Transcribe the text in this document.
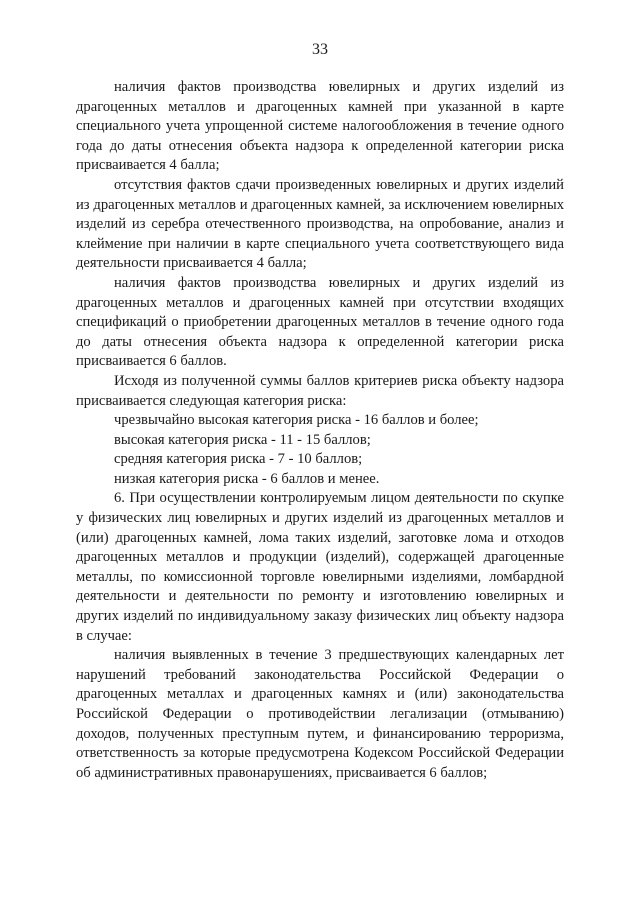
33

наличия фактов производства ювелирных и других изделий из драгоценных металлов и драгоценных камней при указанной в карте специального учета упрощенной системе налогообложения в течение одного года до даты отнесения объекта надзора к определенной категории риска присваивается 4 балла;

отсутствия фактов сдачи произведенных ювелирных и других изделий из драгоценных металлов и драгоценных камней, за исключением ювелирных изделий из серебра отечественного производства, на опробование, анализ и клеймение при наличии в карте специального учета соответствующего вида деятельности присваивается 4 балла;

наличия фактов производства ювелирных и других изделий из драгоценных металлов и драгоценных камней при отсутствии входящих спецификаций о приобретении драгоценных металлов в течение одного года до даты отнесения объекта надзора к определенной категории риска присваивается 6 баллов.

Исходя из полученной суммы баллов критериев риска объекту надзора присваивается следующая категория риска:

чрезвычайно высокая категория риска - 16 баллов и более;

высокая категория риска - 11 - 15 баллов;

средняя категория риска - 7 - 10 баллов;

низкая категория риска - 6 баллов и менее.

6. При осуществлении контролируемым лицом деятельности по скупке у физических лиц ювелирных и других изделий из драгоценных металлов и (или) драгоценных камней, лома таких изделий, заготовке лома и отходов драгоценных металлов и продукции (изделий), содержащей драгоценные металлы, по комиссионной торговле ювелирными изделиями, ломбардной деятельности и деятельности по ремонту и изготовлению ювелирных и других изделий по индивидуальному заказу физических лиц объекту надзора в случае:

наличия выявленных в течение 3 предшествующих календарных лет нарушений требований законодательства Российской Федерации о драгоценных металлах и драгоценных камнях и (или) законодательства Российской Федерации о противодействии легализации (отмыванию) доходов, полученных преступным путем, и финансированию терроризма, ответственность за которые предусмотрена Кодексом Российской Федерации об административных правонарушениях, присваивается 6 баллов;
